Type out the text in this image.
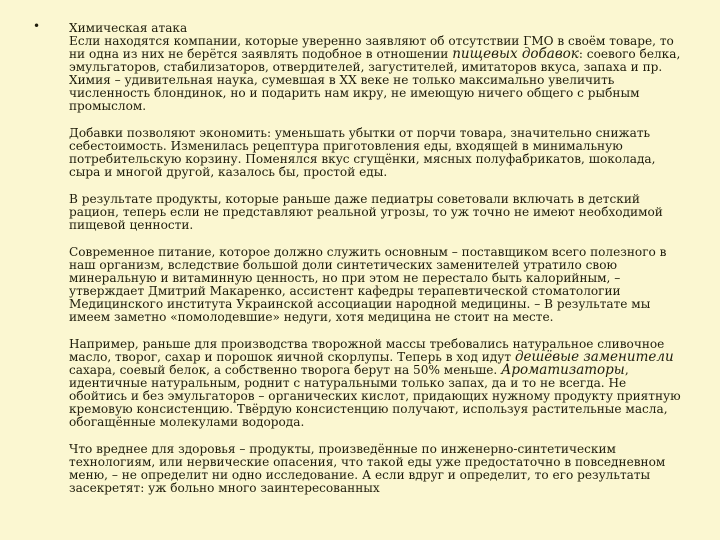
• Химическая атака
Если находятся компании, которые уверенно заявляют об отсутствии ГМО в своём товаре, то ни одна из них не берётся заявлять подобное в отношении пищевых добавок: соевого белка, эмульгаторов, стабилизаторов, отвердителей, загустителей, имитаторов вкуса, запаха и пр. Химия – удивительная наука, сумевшая в XX веке не только максимально увеличить численность блондинок, но и подарить нам икру, не имеющую ничего общего с рыбным промыслом.

Добавки позволяют экономить: уменьшать убытки от порчи товара, значительно снижать себестоимость. Изменилась рецептура приготовления еды, входящей в минимальную потребительскую корзину. Поменялся вкус сгущёнки, мясных полуфабрикатов, шоколада, сыра и многой другой, казалось бы, простой еды.

В результате продукты, которые раньше даже педиатры советовали включать в детский рацион, теперь если не представляют реальной угрозы, то уж точно не имеют необходимой пищевой ценности.

Современное питание, которое должно служить основным – поставщиком всего полезного в наш организм, вследствие большой доли синтетических заменителей утратило свою минеральную и витаминную ценность, но при этом не перестало быть калорийным, – утверждает Дмитрий Макаренко, ассистент кафедры терапевтической стоматологии Медицинского института Украинской ассоциации народной медицины. – В результате мы имеем заметно «помолодевшие» недуги, хотя медицина не стоит на месте.

Например, раньше для производства творожной массы требовались натуральное сливочное масло, творог, сахар и порошок яичной скорлупы. Теперь в ход идут дешёвые заменители сахара, соевый белок, а собственно творога берут на 50% меньше. Ароматизаторы, идентичные натуральным, роднит с натуральными только запах, да и то не всегда. Не обойтись и без эмульгаторов – органических кислот, придающих нужному продукту приятную кремовую консистенцию. Твёрдую консистенцию получают, используя растительные масла, обогащённые молекулами водорода.

Что вреднее для здоровья – продукты, произведённые по инженерно-синтетическим технологиям, или нервические опасения, что такой еды уже предостаточно в повседневном меню, – не определит ни одно исследование. А если вдруг и определит, то его результаты засекретят: уж больно много заинтересованных
